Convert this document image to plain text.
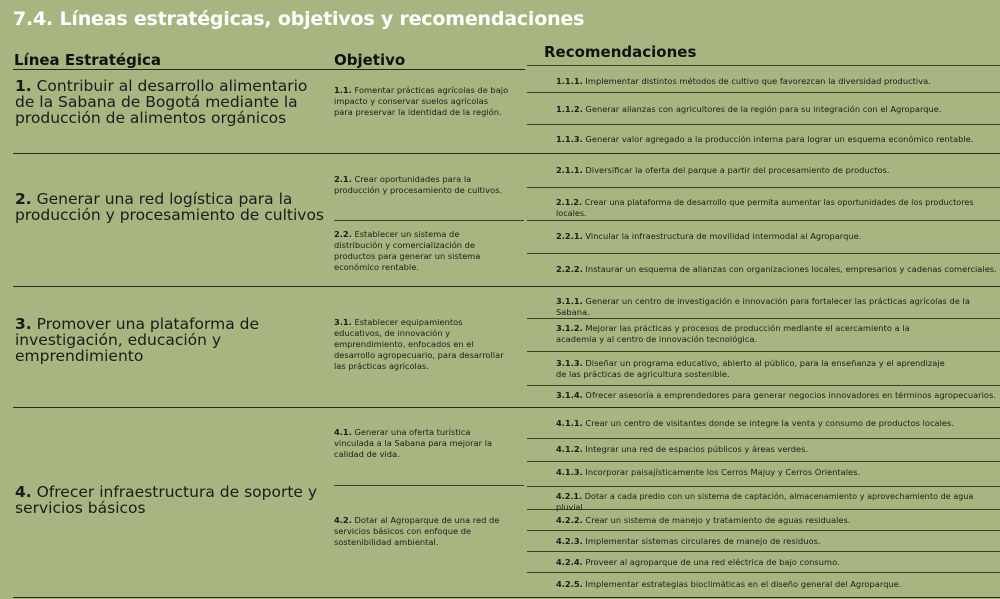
7.4. Líneas estratégicas, objetivos y recomendaciones
Línea Estratégica	Objetivo	Recomendaciones
1. Contribuir al desarrollo alimentario de la Sabana de Bogotá mediante la producción de alimentos orgánicos
2. Generar una red logística para la producción y procesamiento de cultivos
3. Promover una plataforma de investigación, educación y emprendimiento
4. Ofrecer infraestructura de soporte y servicios básicos
1.1. Fomentar prácticas agrícolas de bajo impacto y conservar suelos agrícolas para preservar la identidad de la región.
2.1. Crear oportunidades para la producción y procesamiento de cultivos.
2.2. Establecer un sistema de distribución y comercialización de productos para generar un sistema económico rentable.
3.1. Establecer equipamientos educativos, de innovación y emprendimiento, enfocados en el desarrollo agropecuario, para desarrollar las prácticas agrícolas.
4.1. Generar una oferta turística vinculada a la Sabana para mejorar la calidad de vida.
4.2. Dotar al Agroparque de una red de servicios básicos con enfoque de sostenibilidad ambiental.
1.1.1. Implementar distintos métodos de cultivo que favorezcan la diversidad productiva.
1.1.2. Generar alianzas con agricultores de la región para su integración con el Agroparque.
1.1.3. Generar valor agregado a la producción interna para lograr un esquema económico rentable.
2.1.1. Diversificar la oferta del parque a partir del procesamiento de productos.
2.1.2. Crear una plataforma de desarrollo que permita aumentar las oportunidades de los productores locales.
2.2.1. Vincular la infraestructura de movilidad intermodal al Agroparque.
2.2.2. Instaurar un esquema de alianzas con organizaciones locales, empresarios y cadenas comerciales.
3.1.1. Generar un centro de investigación e innovación para fortalecer las prácticas agrícolas de la Sabana.
3.1.2. Mejorar las prácticas y procesos de producción mediante el acercamiento a la academia y al centro de innovación tecnológica.
3.1.3. Diseñar un programa educativo, abierto al público, para la enseñanza y el aprendizaje de las prácticas de agricultura sostenible.
3.1.4. Ofrecer asesoría a emprendedores para generar negocios innovadores en términos agropecuarios.
4.1.1. Crear un centro de visitantes donde se integre la venta y consumo de productos locales.
4.1.2. Integrar una red de espacios públicos y áreas verdes.
4.1.3. Incorporar paisajísticamente los Cerros Majuy y Cerros Orientales.
4.2.1. Dotar a cada predio con un sistema de captación, almacenamiento y aprovechamiento de agua pluvial.
4.2.2. Crear un sistema de manejo y tratamiento de aguas residuales.
4.2.3. Implementar sistemas circulares de manejo de residuos.
4.2.4. Proveer al agroparque de una red eléctrica de bajo consumo.
4.2.5. Implementar estrategias bioclimáticas en el diseño general del Agroparque.
